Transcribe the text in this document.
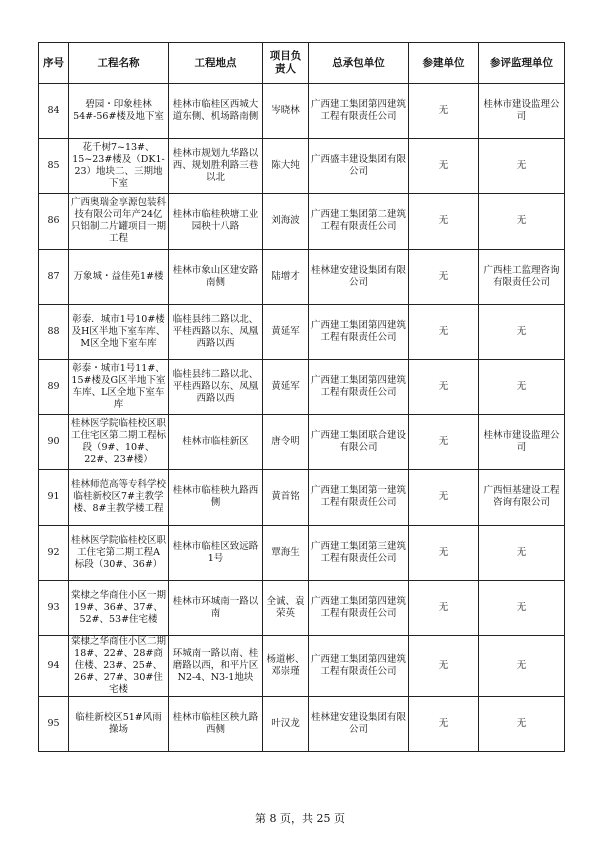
序号	工程名称	工程地点	项目负责人	总承包单位	参建单位	参评监理单位
84	碧园・印象桂林54#-56#楼及地下室	桂林市临桂区西城大道东侧、机场路南侧	岑晓林	广西建工集团第四建筑工程有限责任公司	无	桂林市建设监理公司
85	花千树7~13#、15~23#楼及（DK1-23）地块二、三期地下室	桂林市规划九华路以西、规划胜利路三巷以北	陈大纯	广西盛丰建设集团有限公司	无	无
86	广西奥瑞金享源包装科技有限公司年产24亿只铝制二片罐项目一期工程	桂林市临桂秧塘工业园秧十八路	刘海波	广西建工集团第二建筑工程有限责任公司	无	无
87	万象城・益佳苑1#楼	桂林市象山区建安路南侧	陆增才	桂林建安建设集团有限公司	无	广西桂工监理咨询有限责任公司
88	彰泰．城市1号10#楼及H区半地下室车库、M区全地下室车库	临桂县纬二路以北、平桂西路以东、凤凰西路以西	黄延军	广西建工集团第四建筑工程有限责任公司	无	无
89	彰泰・城市1号11#、15#楼及G区半地下室车库、L区全地下室车库	临桂县纬二路以北、平桂西路以东、凤凰西路以西	黄延军	广西建工集团第四建筑工程有限责任公司	无	无
90	桂林医学院临桂校区职工住宅区第二期工程标段（9#、10#、22#、23#楼）	桂林市临桂新区	唐令明	广西建工集团联合建设有限公司	无	桂林市建设监理公司
91	桂林师范高等专科学校临桂新校区7#主教学楼、8#主教学楼工程	桂林市临桂秧九路西侧	黄首铭	广西建工集团第一建筑工程有限责任公司	无	广西恒基建设工程咨询有限公司
92	桂林医学院临桂校区职工住宅第二期工程A 标段（30#、36#）	桂林市临桂区致远路1号	覃海生	广西建工集团第三建筑工程有限责任公司	无	无
93	棠棣之华商住小区一期19#、36#、37#、52#、53#住宅楼	桂林市环城南一路以南	全诚、袁荣英	广西建工集团第四建筑工程有限责任公司	无	无
94	棠棣之华商住小区二期18#、22#、28#商住楼、23#、25#、26#、27#、30#住宅楼	环城南一路以南、桂磨路以西，和平片区N2-4、N3-1地块	杨道彬、邓崇瑾	广西建工集团第四建筑工程有限责任公司	无	无
95	临桂新校区51#风雨操场	桂林市临桂区秧九路西侧	叶汉龙	桂林建安建设集团有限公司	无	无
第 8 页，共 25 页
